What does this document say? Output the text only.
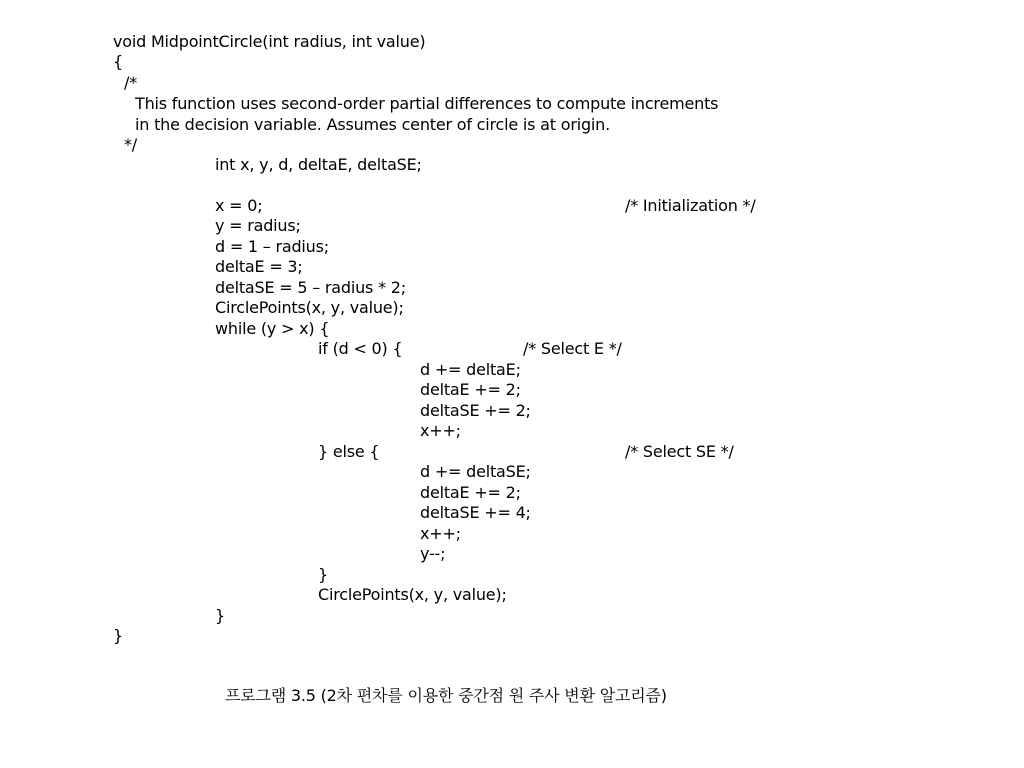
void MidpointCircle(int radius, int value)
{
/*
This function uses second-order partial differences to compute increments
in the decision variable. Assumes center of circle is at origin.
*/
int x, y, d, deltaE, deltaSE;
x = 0;	/* Initialization */
y = radius;
d = 1 – radius;
deltaE = 3;
deltaSE = 5 – radius * 2;
CirclePoints(x, y, value);
while (y > x) {
if (d < 0) {	/* Select E */
d += deltaE;
deltaE += 2;
deltaSE += 2;
x++;
} else {	/* Select SE */
d += deltaSE;
deltaE += 2;
deltaSE += 4;
x++;
y--;
}
CirclePoints(x, y, value);
}
}
프로그램 3.5 (2차 편차를 이용한 중간점 원 주사 변환 알고리즘)
